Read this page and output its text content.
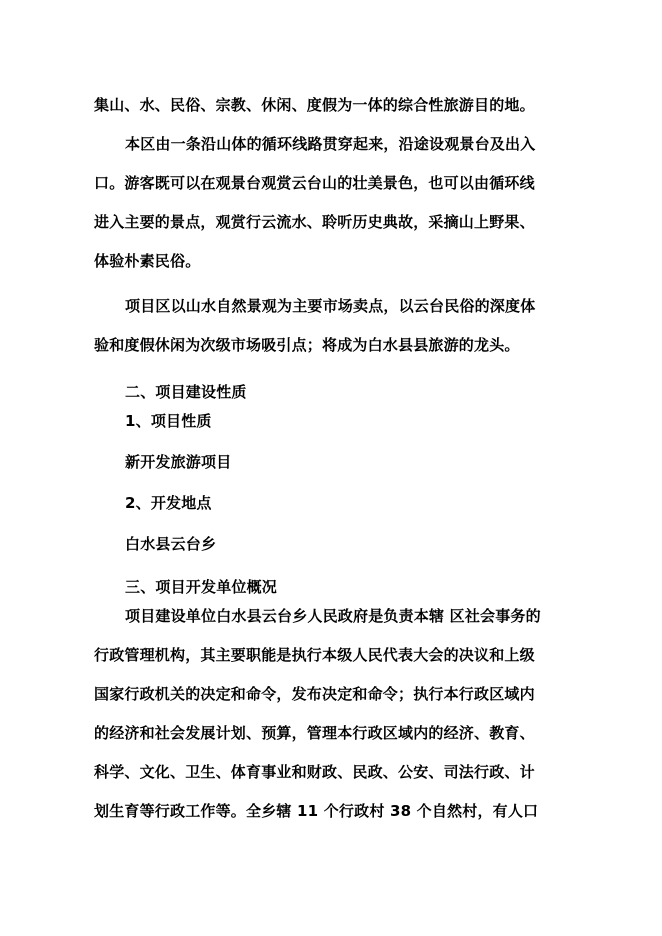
集山、水、民俗、宗教、休闲、度假为一体的综合性旅游目的地。
本区由一条沿山体的循环线路贯穿起来，沿途设观景台及出入
口。游客既可以在观景台观赏云台山的壮美景色，也可以由循环线
进入主要的景点，观赏行云流水、聆听历史典故，采摘山上野果、
体验朴素民俗。
项目区以山水自然景观为主要市场卖点，以云台民俗的深度体
验和度假休闲为次级市场吸引点；将成为白水县县旅游的龙头。
二、项目建设性质
1、项目性质
新开发旅游项目
2、开发地点
白水县云台乡
三、项目开发单位概况
项目建设单位白水县云台乡人民政府是负责本辖 区社会事务的
行政管理机构，其主要职能是执行本级人民代表大会的决议和上级
国家行政机关的决定和命令，发布决定和命令；执行本行政区域内
的经济和社会发展计划、预算，管理本行政区域内的经济、教育、
科学、文化、卫生、体育事业和财政、民政、公安、司法行政、计
划生育等行政工作等。全乡辖 11 个行政村 38 个自然村，有人口
